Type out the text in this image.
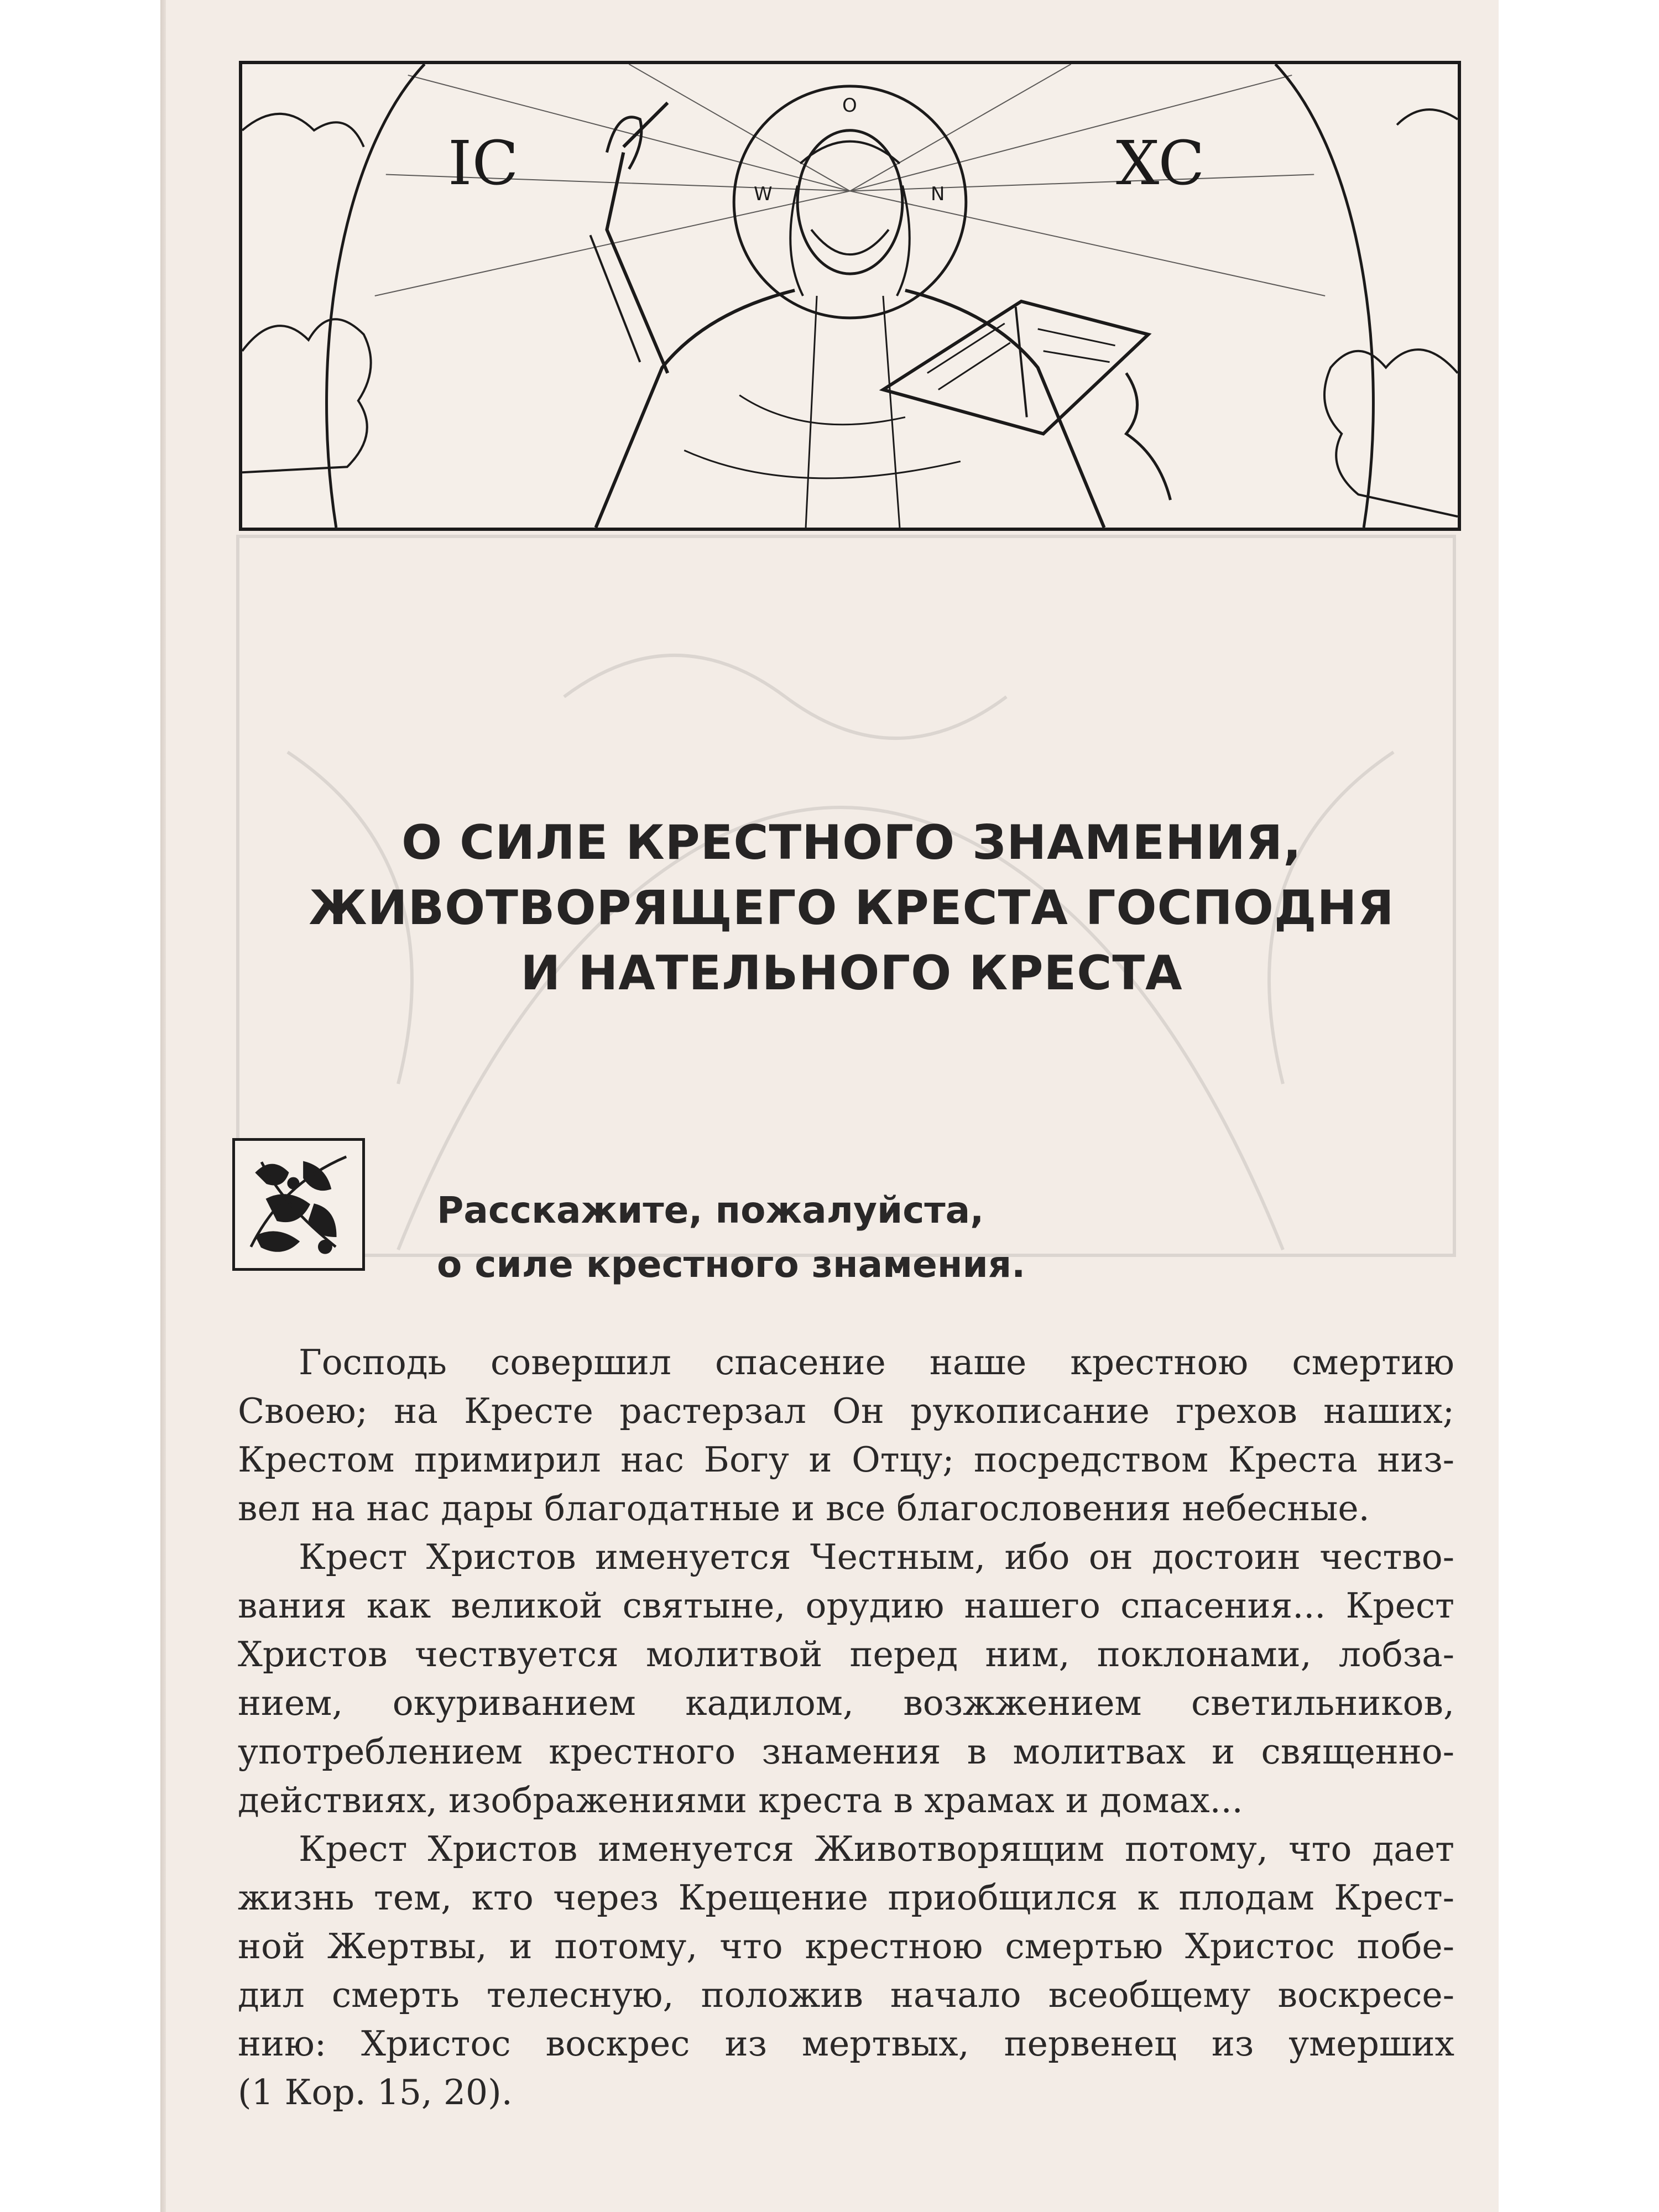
IC	XC
O
W	N
О СИЛЕ КРЕСТНОГО ЗНАМЕНИЯ,
ЖИВОТВОРЯЩЕГО КРЕСТА ГОСПОДНЯ
И НАТЕЛЬНОГО КРЕСТА
Расскажите, пожалуйста,
о силе крестного знамения.
Господь совершил спасение наше крестною смертию
Своею; на Кресте растерзал Он рукописание грехов наших;
Крестом примирил нас Богу и Отцу; посредством Креста низ-
вел на нас дары благодатные и все благословения небесные.
Крест Христов именуется Честным, ибо он достоин чество-
вания как великой святыне, орудию нашего спасения... Крест
Христов чествуется молитвой перед ним, поклонами, лобза-
нием, окуриванием кадилом, возжжением светильников,
употреблением крестного знамения в молитвах и священно-
действиях, изображениями креста в храмах и домах...
Крест Христов именуется Животворящим потому, что дает
жизнь тем, кто через Крещение приобщился к плодам Крест-
ной Жертвы, и потому, что крестною смертью Христос побе-
дил смерть телесную, положив начало всеобщему воскресе-
нию: Христос воскрес из мертвых, первенец из умерших
(1 Кор. 15, 20).
